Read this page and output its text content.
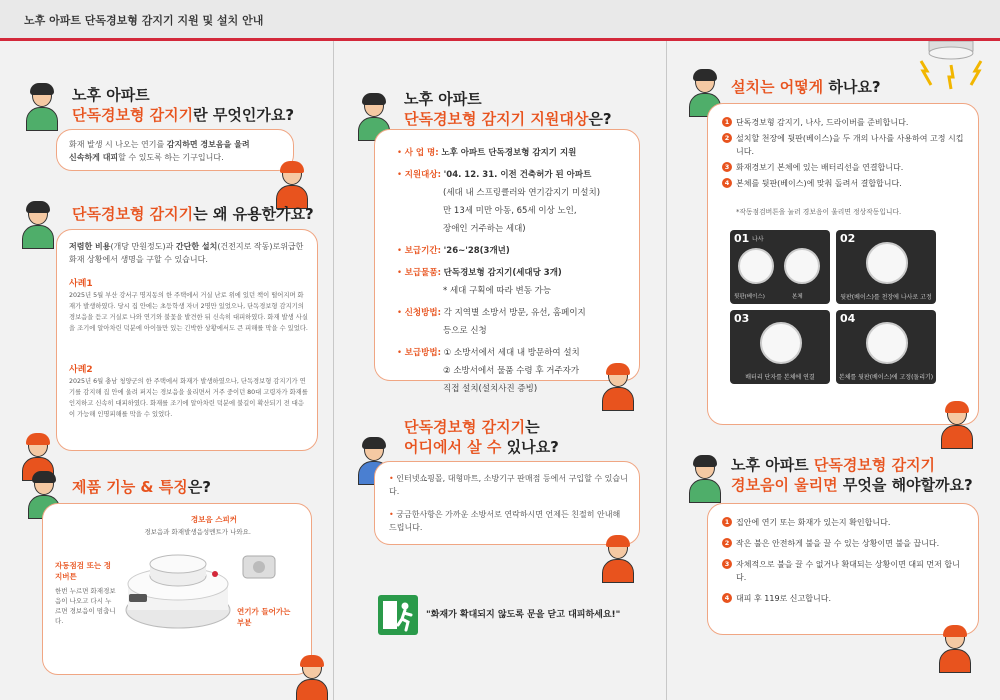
노후 아파트 단독경보형 감지기 지원 및 설치 안내
노후 아파트
단독경보형 감지기란 무엇인가요?
화재 발생 시 나오는 연기를 감지하면 경보음을 울려
신속하게 대피할 수 있도록 하는 기구입니다.
단독경보형 감지기는 왜 유용한가요?
저렴한 비용(개당 만원정도)과 간단한 설치(건전지로 작동)로위급한 화재 상황에서 생명을 구할 수 있습니다.
사례1
2025년 5월 부산 강서구 명지동의 한 주택에서 거실 난로 위에 있던 책이 떨어지며 화재가 발생하였다. 당시 집 안에는 초등학생 자녀 2명만 있었으나, 단독경보형 감지기의 경보음을 듣고 거실로 나와 연기와 불꽃을 발견한 뒤 신속히 대피하였다. 화재 발생 사실을 조기에 알아차린 덕분에 아이들만 있는 긴박한 상황에서도 큰 피해를 막을 수 있었다.
사례2
2025년 6월 충남 청양군의 한 주택에서 화재가 발생하였으나, 단독경보형 감지기가 연기를 감지해 집 안에 울려 퍼지는 경보음을 울리면서 거주 중이던 80대 고령자가 화재를 인지하고 신속히 대피하였다. 화재를 조기에 알아차린 덕분에 불길이 확산되기 전 대응이 가능해 인명피해를 막을 수 있었다.
제품 기능 & 특징은?
경보음 스피커
경보음과 화재발생음성멘트가 나와요.
자동점검 또는 정지버튼
한번 누르면 화재경보음이 나오고 다시 누르면 경보음이 멈춥니다.
연기가 들어가는 부분
노후 아파트
단독경보형 감지기 지원대상은?
• 사 업 명: 노후 아파트 단독경보형 감지기 지원
• 지원대상: '04. 12. 31. 이전 건축허가 된 아파트
(세대 내 스프링클러와 연기감지기 미설치)
만 13세 미만 아동, 65세 이상 노인,
장애인 거주하는 세대)
• 보급기간: '26~'28(3개년)
• 보급물품: 단독경보형 감지기(세대당 3개)
* 세대 구획에 따라 변동 가능
• 신청방법: 각 지역별 소방서 방문, 유선, 홈페이지
등으로 신청
• 보급방법: ① 소방서에서 세대 내 방문하여 설치
② 소방서에서 물품 수령 후 거주자가
직접 설치(설치사진 증빙)
단독경보형 감지기는
어디에서 살 수 있나요?
• 인터넷쇼핑몰, 대형마트, 소방기구 판매점 등에서 구입할 수 있습니다.
• 궁금한사항은 가까운 소방서로 연락하시면 언제든 친절히 안내해 드립니다.
"화재가 확대되지 않도록 문을 닫고 대피하세요!"
설치는 어떻게 하나요?
1 단독경보형 감지기, 나사, 드라이버를 준비합니다.
2 설치할 천장에 뒷판(베이스)을 두 개의 나사를 사용하여 고정 시킵니다.
3 화재경보기 본체에 있는 배터리선을 연결합니다.
4 본체를 뒷판(베이스)에 맞춰 돌려서 결합합니다.
*작동점검버튼을 눌러 경보음이 울리면 정상작동입니다.
01 나사
뒷판(베이스)	본체
02
뒷판(베이스)를 천장에 나사로 고정
03
배터리 단자를 본체에 연결
04
본체를 뒷판(베이스)에 고정(돌리기)
노후 아파트 단독경보형 감지기
경보음이 울리면 무엇을 해야할까요?
1 집안에 연기 또는 화재가 있는지 확인합니다.
2 작은 불은 안전하게 불을 끌 수 있는 상황이면 불을 끕니다.
3 자체적으로 불을 끌 수 없거나 확대되는 상황이면 대피 먼저 합니다.
4 대피 후 119로 신고합니다.
